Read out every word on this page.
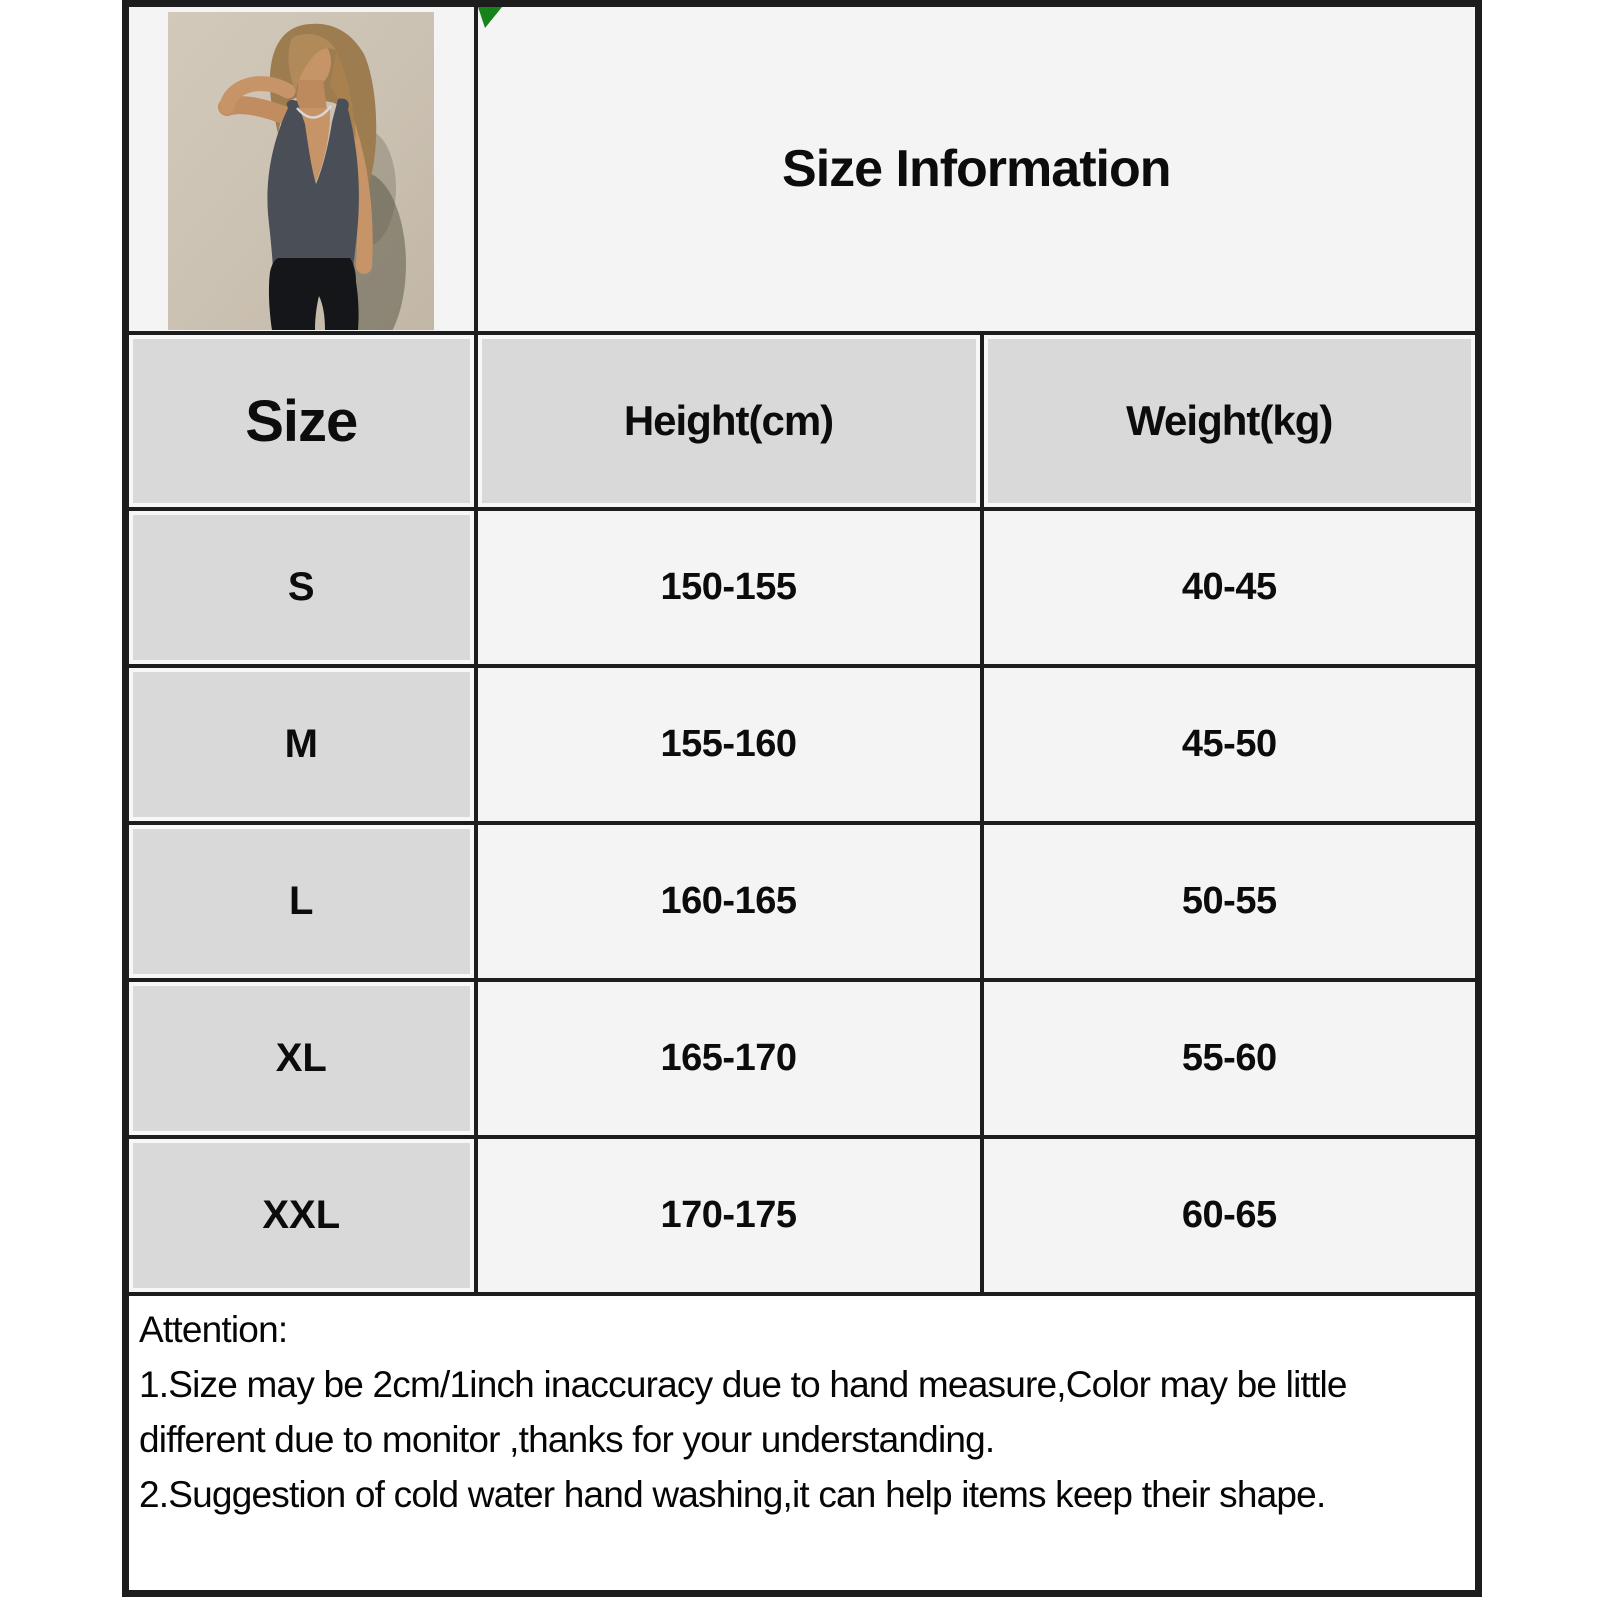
Size Information	
Size	Height(cm)	Weight(kg)
S	150-155	40-45
M	155-160	45-50
L	160-165	50-55
XL	165-170	55-60
XXL	170-175	60-65

Attention:

1.Size may be 2cm/1inch inaccuracy due to hand measure,Color may be little different due to monitor ,thanks for your understanding.

2.Suggestion of cold water hand washing,it can help items keep their shape.		
